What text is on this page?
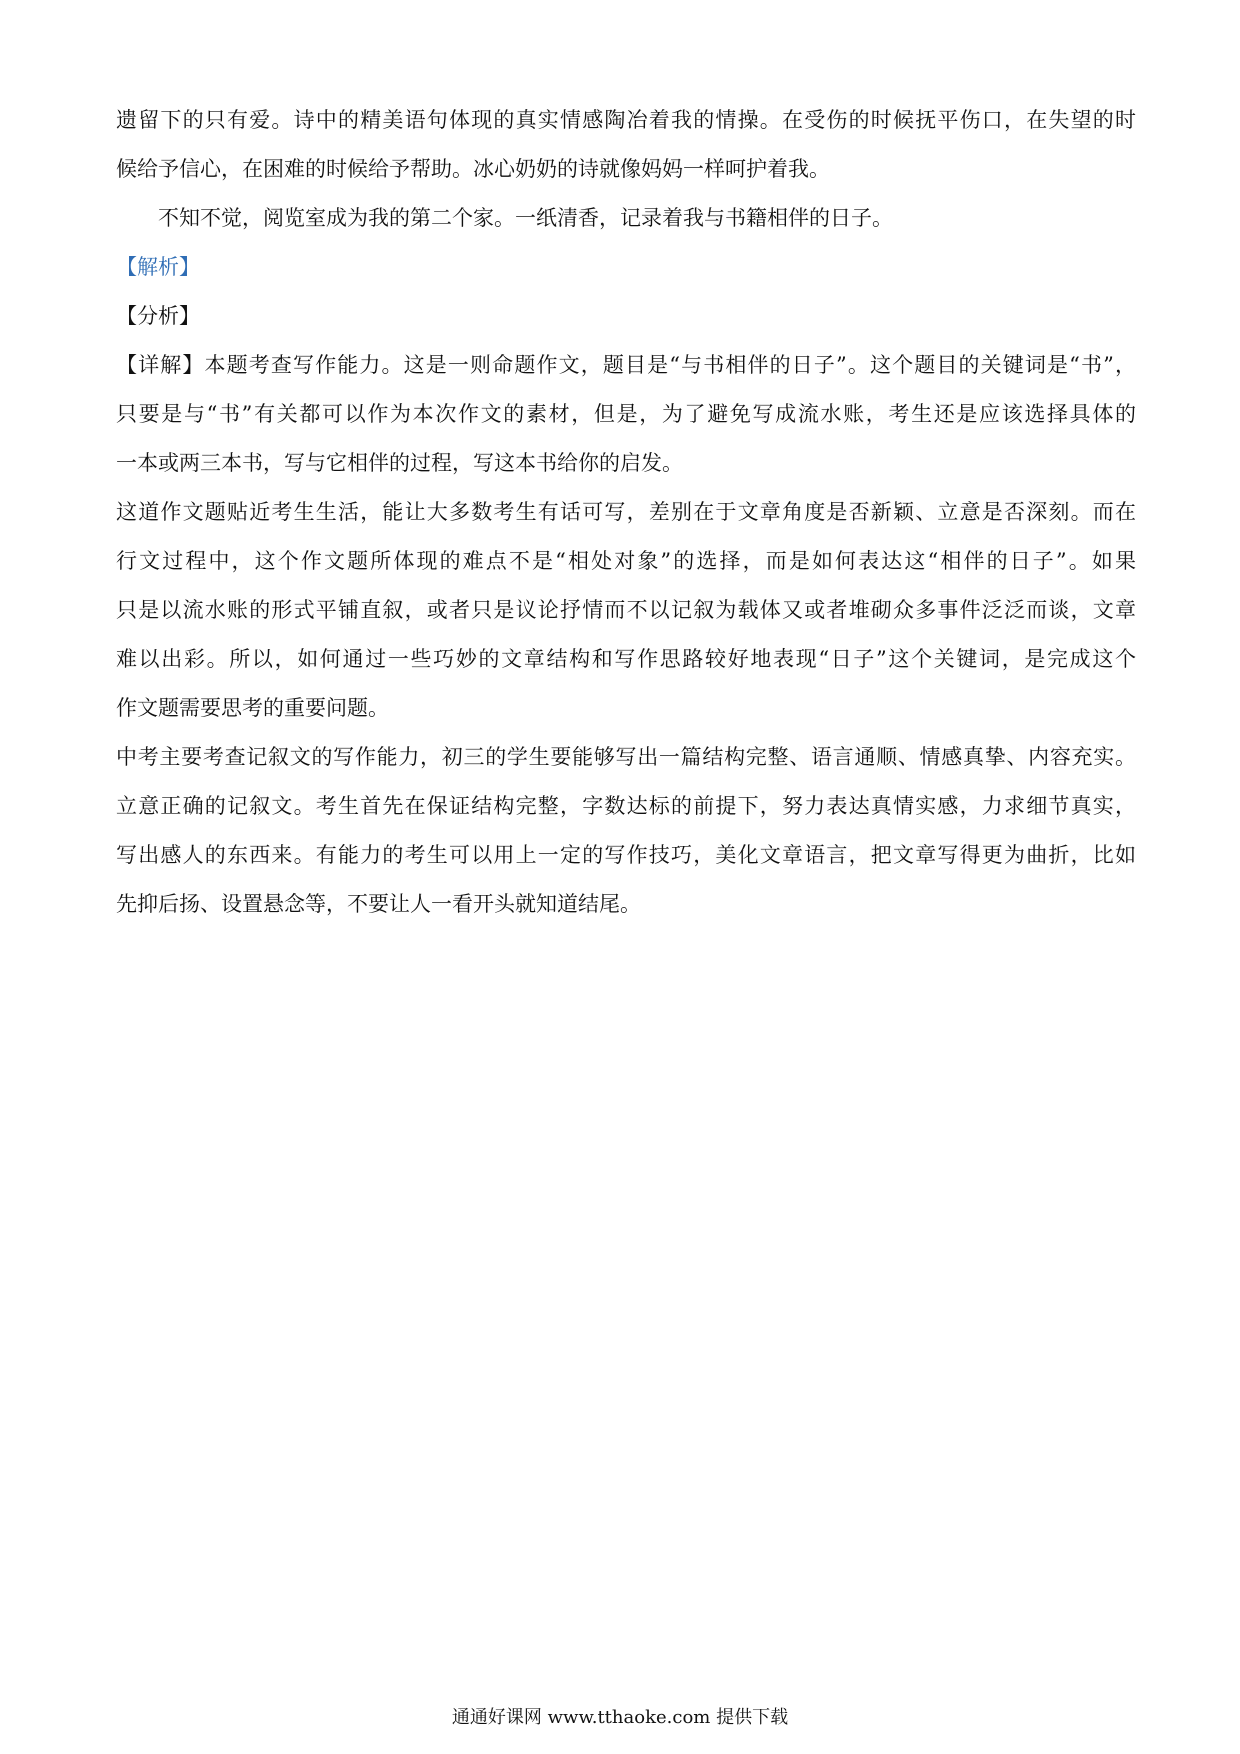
遗留下的只有爱。诗中的精美语句体现的真实情感陶冶着我的情操。在受伤的时候抚平伤口，在失望的时
候给予信心，在困难的时候给予帮助。冰心奶奶的诗就像妈妈一样呵护着我。
不知不觉，阅览室成为我的第二个家。一纸清香，记录着我与书籍相伴的日子。
【解析】
【分析】
【详解】本题考查写作能力。这是一则命题作文，题目是“与书相伴的日子”。这个题目的关键词是“书”，
只要是与“书”有关都可以作为本次作文的素材，但是，为了避免写成流水账，考生还是应该选择具体的
一本或两三本书，写与它相伴的过程，写这本书给你的启发。
这道作文题贴近考生生活，能让大多数考生有话可写，差别在于文章角度是否新颖、立意是否深刻。而在
行文过程中，这个作文题所体现的难点不是“相处对象”的选择，而是如何表达这“相伴的日子”。如果
只是以流水账的形式平铺直叙，或者只是议论抒情而不以记叙为载体又或者堆砌众多事件泛泛而谈，文章
难以出彩。所以，如何通过一些巧妙的文章结构和写作思路较好地表现“日子”这个关键词，是完成这个
作文题需要思考的重要问题。
中考主要考查记叙文的写作能力，初三的学生要能够写出一篇结构完整、语言通顺、情感真挚、内容充实。
立意正确的记叙文。考生首先在保证结构完整，字数达标的前提下，努力表达真情实感，力求细节真实，
写出感人的东西来。有能力的考生可以用上一定的写作技巧，美化文章语言，把文章写得更为曲折，比如
先抑后扬、设置悬念等，不要让人一看开头就知道结尾。
通通好课网 www.tthaoke.com 提供下载
